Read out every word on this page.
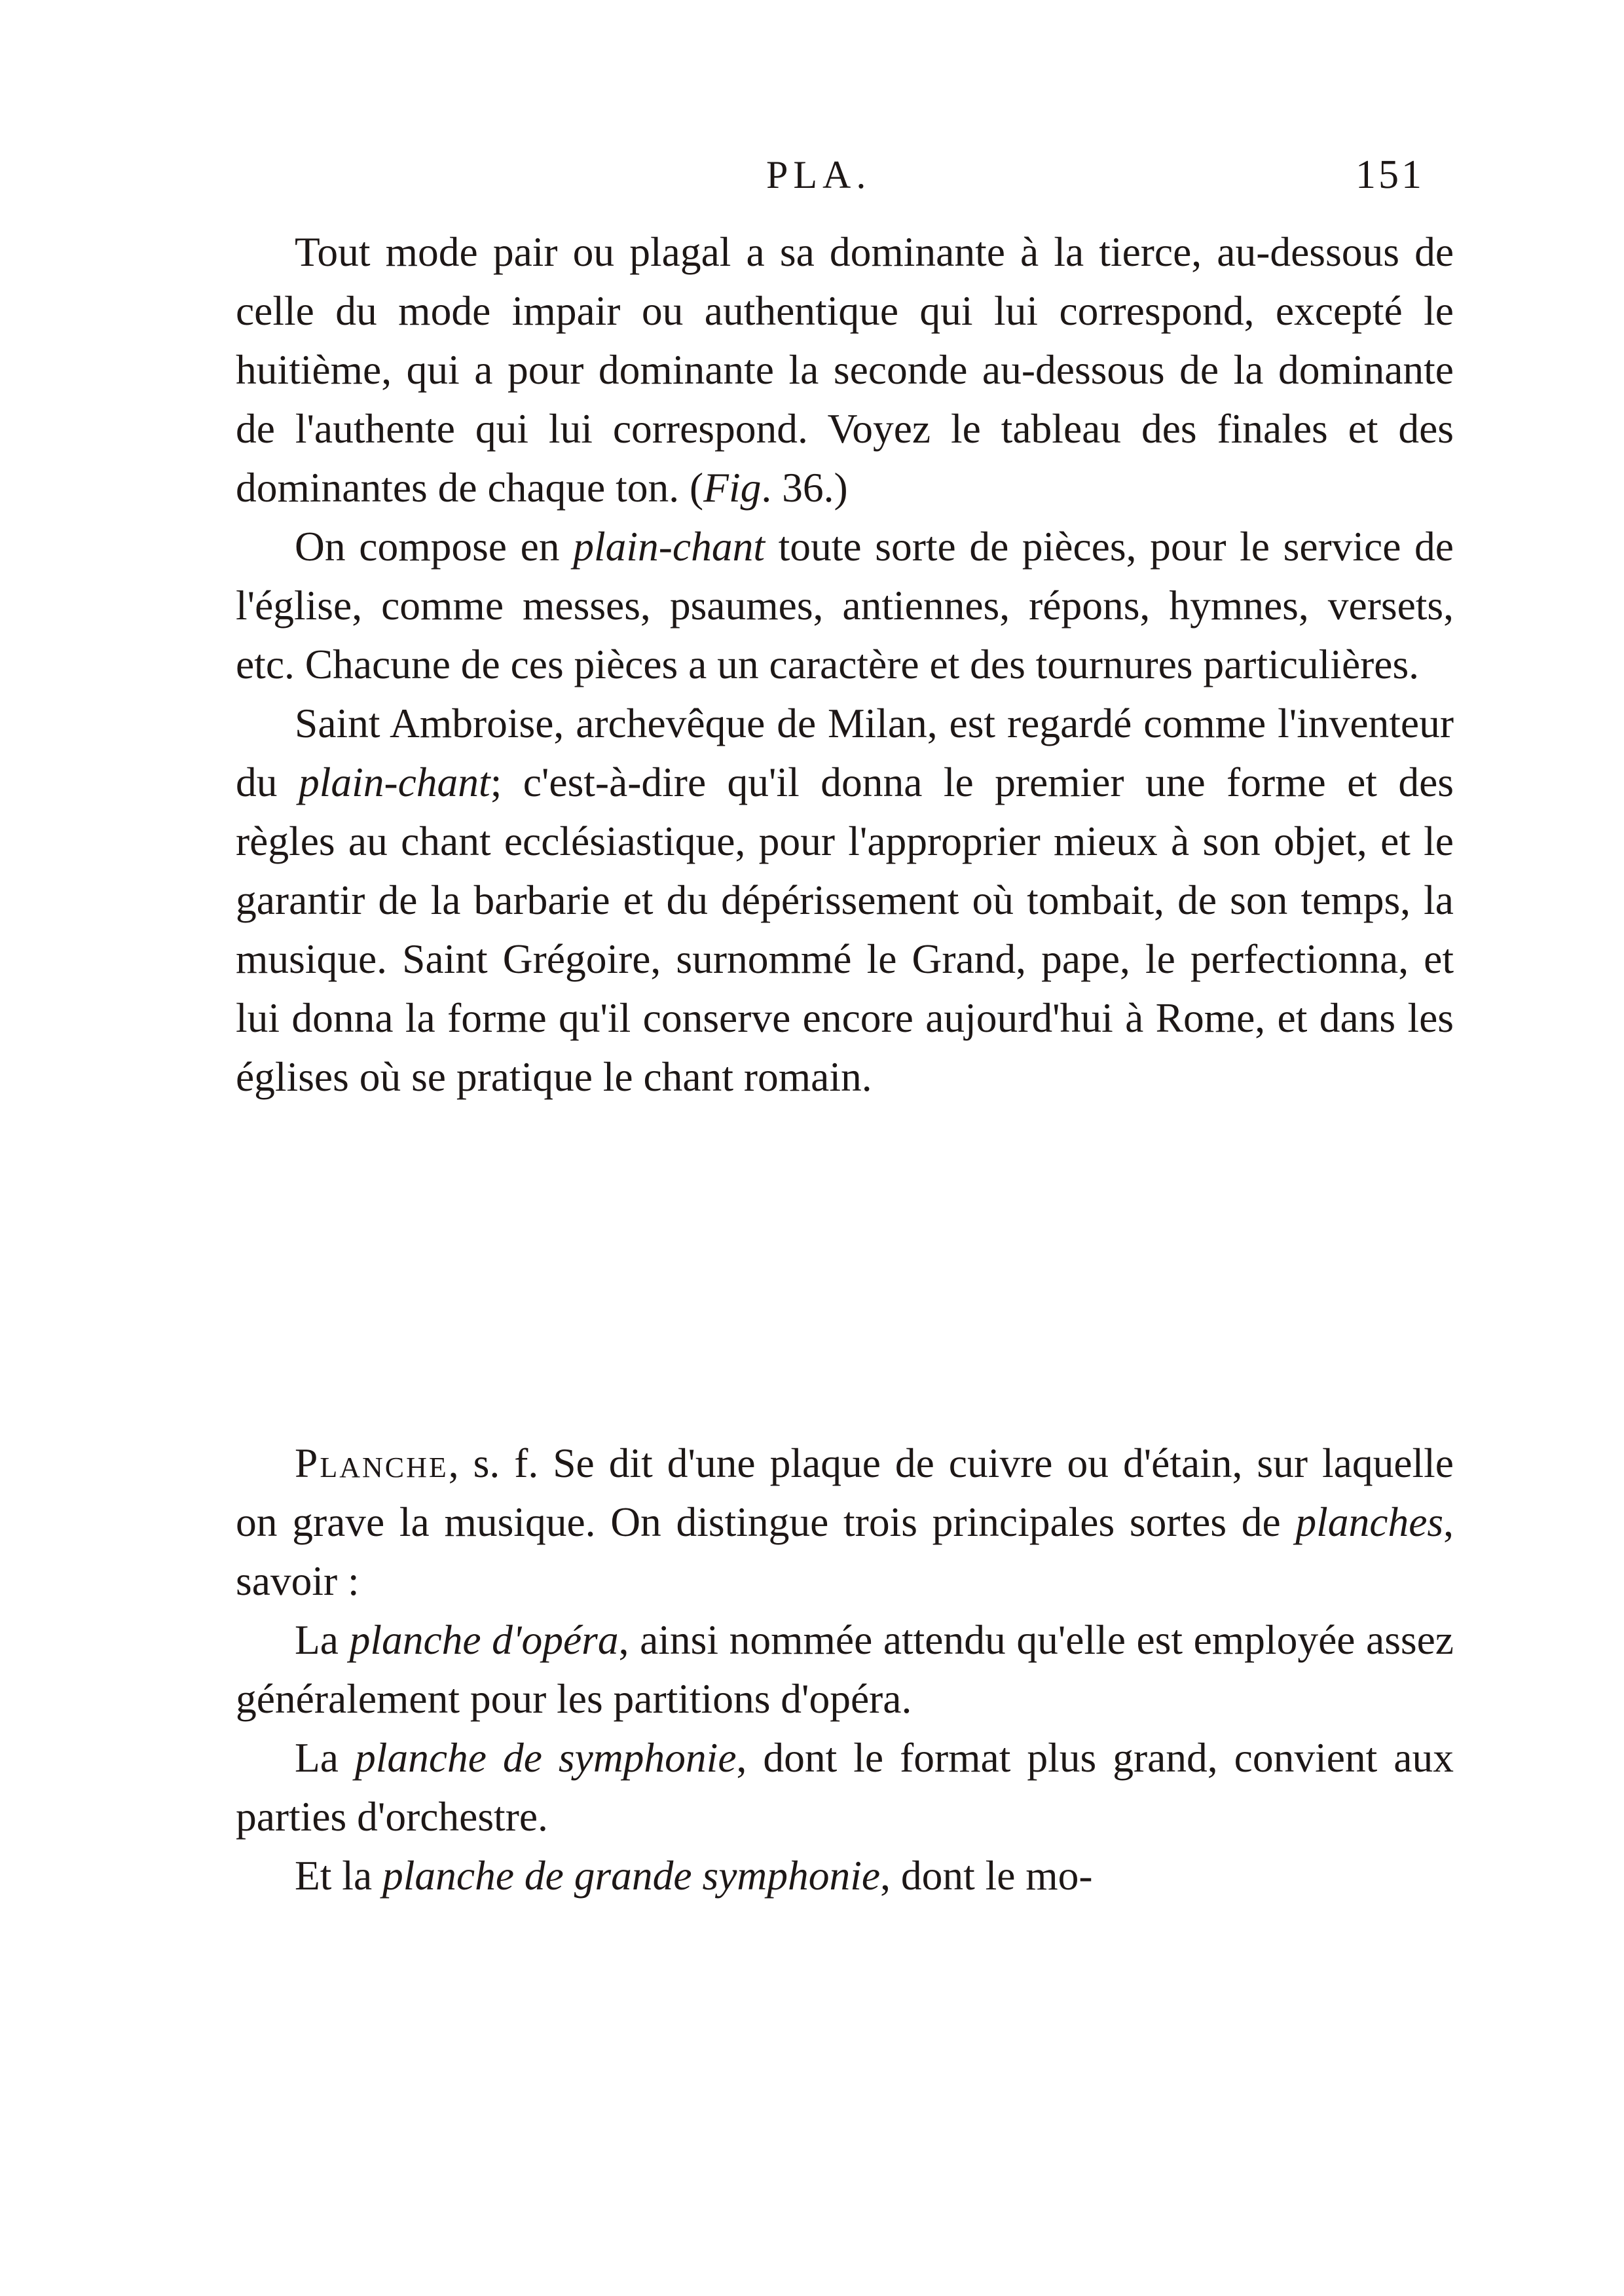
PLA.	151

Tout mode pair ou plagal a sa dominante à la tierce, au-dessous de celle du mode impair ou authentique qui lui correspond, excepté le huitième, qui a pour dominante la seconde au-dessous de la dominante de l'authente qui lui correspond. Voyez le tableau des finales et des dominantes de chaque ton. (Fig. 36.)

On compose en plain-chant toute sorte de pièces, pour le service de l'église, comme messes, psaumes, antiennes, répons, hymnes, versets, etc. Chacune de ces pièces a un caractère et des tournures particulières.

Saint Ambroise, archevêque de Milan, est regardé comme l'inventeur du plain-chant; c'est-à-dire qu'il donna le premier une forme et des règles au chant ecclésiastique, pour l'approprier mieux à son objet, et le garantir de la barbarie et du dépérissement où tombait, de son temps, la musique. Saint Grégoire, surnommé le Grand, pape, le perfectionna, et lui donna la forme qu'il conserve encore aujourd'hui à Rome, et dans les églises où se pratique le chant romain.

Planche, s. f. Se dit d'une plaque de cuivre ou d'étain, sur laquelle on grave la musique. On distingue trois principales sortes de planches, savoir :

La planche d'opéra, ainsi nommée attendu qu'elle est employée assez généralement pour les partitions d'opéra.

La planche de symphonie, dont le format plus grand, convient aux parties d'orchestre.

Et la planche de grande symphonie, dont le mo-
